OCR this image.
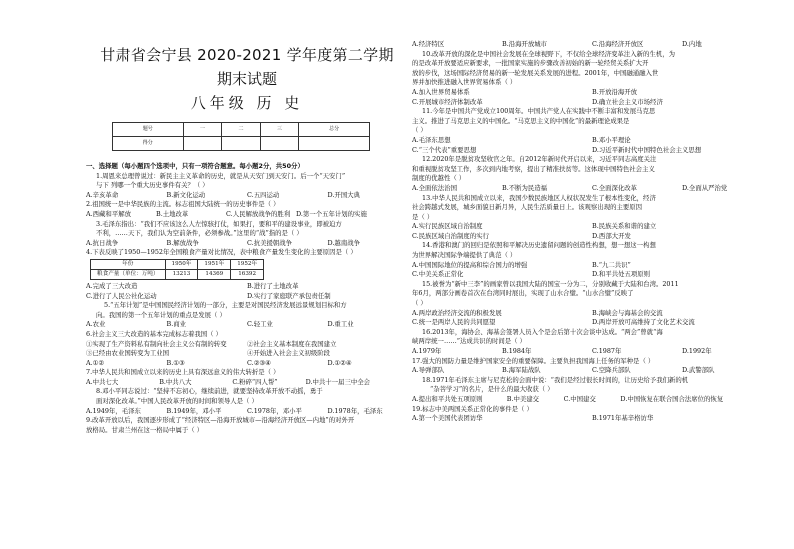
甘肃省会宁县 2020-2021 学年度第二学期
期末试题
八年级 历 史
题号	一	二	三	总分
得分				
一、选择题（每小题四个选项中，只有一项符合题意。每小题2分，共50分）
1.周恩来总理曾说过：新民主主义革命的历史，就是从天安门到天安门。后一个“天安门”
与下 列哪一个重大历史事件有关？（ ）
A.辛亥革命	B.新文化运动	C.五四运动	D.开国大典
2.祖国统一是中华民族的主流。标志祖国大陆统一的历史事件是（ ）
A.西藏和平解放	B.土地改革	C.人民解放战争的胜利 D.第一个五年计划的实施
3.毛泽东指出：“我们不应该这么人左惊骇打仗，如果打，要和平的建设事业，即被迫方
不利，……天下，我们认为空前条件，必须参战。”这里的“战”指的是（ ）
A.抗日战争	B.解放战争	C.抗美援朝战争	D.越南战争
4.下表反映了1950—1952年全国粮食产量对比情况，表中粮食产量发生变化的主要原因是（ ）
年份	1950年	1951年	1952年
粮食产量（单位：万吨）	13213	14369	16392
A.完成了三大改造	B.进行了土地改革
C.进行了人民公社化运动	D.实行了家庭联产承包责任制
5.“五年计划”是中国国民经济计划的一部分，主要是对国民经济发展远景规划目标和方
向。我国的第一个五年计划的重点是发展（ ）
A.农业	B.商业	C.轻工业	D.重工业
6.社会主义三大改造的基本完成标志着我国（ ）
①实现了生产资料私有制向社会主义公有制的转变	②社会主义基本制度在我国建立
③已经由农业国转变为工业国	④开始进入社会主义初级阶段
A.①②	B.①③	C.②③④	D.①②④
7.中华人民共和国成立以来的历史上具有深远意义的伟大转折是（ ）
A.中共七大	B.中共八大	C.粉碎“四人帮”	D.中共十一届三中全会
8.邓小平同志说过：“坚持不忘初心，继续前进，就要坚持改革开放不动摇，勇于
面对深化改革。”中国人民改革开放的时间和领导人是（ ）
A.1949年，毛泽东	B.1949年，邓小平	C.1978年，邓小平	D.1978年，毛泽东
9.改革开放以后，我国逐步形成了“经济特区—沿海开放城市—沿海经济开放区—内地”的对外开
放格局。甘肃兰州在这一格局中属于（ ）
A.经济特区	B.沿海开放城市	C.沿海经济开放区	D.内地
10.改革开放的深化是中国社会发展在全球视野下，不仅给全球经济变革注入新的生机，为
的是改革开放要适应新要求，一批国家实施的步骤改善初始的新一轮经贸关系扩大开
放的步伐，这场国际经济贸易的新一轮发展关系发展的进程。2001年，中国融通融入世
界并加快推进融入世界贸易体系（ ）
A.加入世界贸易体系	B.开放沿海开放
C.开展城市经济体制改革	D.确立社会主义市场经济
11.今年是中国共产党成立100周年。中国共产党人在实践中不断丰富和发展马克思
主义。推进了马克思主义的中国化。“马克思主义的中国化”的最新理论成果是
（ ）
A.毛泽东思想	B.邓小平理论
C.“三个代表”重要思想	D.习近平新时代中国特色社会主义思想
12.2020年是脱贫攻坚收官之年。自2012年新时代开启以来，习近平同志高度关注
和重视脱贫攻坚工作，多次到内地考察，提出了精准扶贫等。这体现中国特色社会主义
制度的优越性（ ）
A.全面依法治国	B.不断为民造福	C.全面深化改革	D.全面从严治党
13.中华人民共和国成立以来，我国少数民族地区人权状况发生了根本性变化，经济
社会跨越式发展，城乡面貌日新月异，人民生活质量日上。该观察出现的主要原因
是（ ）
A.实行民族区域自治制度	B.民族关系和谐的建立
C.民族区域自治制度的实行	D.西部大开发
14.香港和澳门的回归是依照和平解决历史遗留问题的创造性构想，想一想这一构想
为世界解决国际争端提供了典范（ ）
A.中国国际地位的提高和综合国力的增强	B.“九二共识”
C.中美关系正常化	D.和平共处五项原则
15.被誉为“新中三李”的画家曾以我国大陆的国宝一分为二，分别收藏于大陆和台湾。2011
年6月，两部分画卷首次在台湾同时展出，实现了山水合璧。“山水合璧”反映了
（ ）
A.两岸政治经济交流的积极发展	B.海峡会与海基会的交流
C.统一是两岸人民的共同愿望	D.两岸开放可高维持了文化艺术交流
16.2013年，海协会、海基会签署人员入个是会后第十次会谈中达成。“两会”曾就“海
峡两岸统一……”达成共识的时间是（ ）
A.1979年	B.1984年	C.1987年	D.1992年
17.强大的国防力量是维护国家安全的重要保障。主要负担我国海上任务的军种是（ ）
A.导弹部队	B.海军陆战队	C.空降兵部队	D.武警部队
18.1971年毛泽东主席与尼克松的会面中说：“我们是经过很长时间的，让历史给予我们新的机
“杂菩学习”的名片，是什么的最大收获（ ）
A.提出和平共处五项原则	B.中美建交	C.中国建交	D.中国恢复在联合国合法席位的恢复
19.标志中美两国关系正常化的事件是（ ）
A.第一个美国代表团访华	B.1971年基辛格访华
